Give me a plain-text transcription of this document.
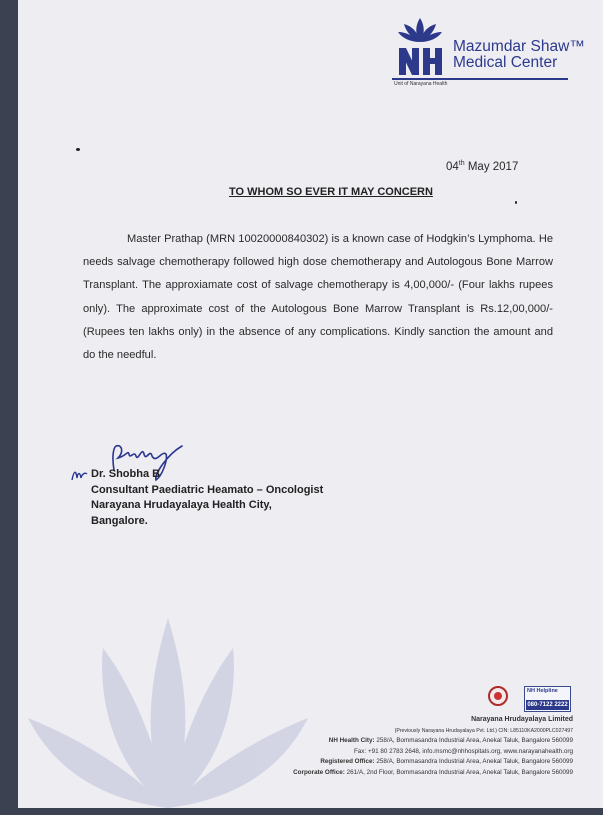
Mazumdar Shaw™
Medical Center
Unit of Narayana Health
04th May 2017
TO WHOM SO EVER IT MAY CONCERN
Master Prathap (MRN 10020000840302) is a known case of Hodgkin’s Lymphoma. He needs salvage chemotherapy followed high dose chemotherapy and Autologous Bone Marrow Transplant. The approxiamate cost of salvage chemotherapy is 4,00,000/- (Four lakhs rupees only). The approximate cost of the Autologous Bone Marrow Transplant is Rs.12,00,000/- (Rupees ten lakhs only) in the absence of any complications. Kindly sanction the amount and do the needful.
Dr. Shobha B
Consultant Paediatric Heamato – Oncologist
Narayana Hrudayalaya Health City,
Bangalore.
NH Helpline
080-7122 2222
Narayana Hrudayalaya Limited
(Previously Narayana Hrudayalaya Pvt. Ltd.) CIN: L85110KA2000PLC027497
NH Health City: 258/A, Bommasandra Industrial Area, Anekal Taluk, Bangalore 560099
Fax: +91 80 2783 2648, info.msmc@nhhospitals.org, www.narayanahealth.org
Registered Office: 258/A, Bommasandra Industrial Area, Anekal Taluk, Bangalore 560099
Corporate Office: 261/A, 2nd Floor, Bommasandra Industrial Area, Anekal Taluk, Bangalore 560099
